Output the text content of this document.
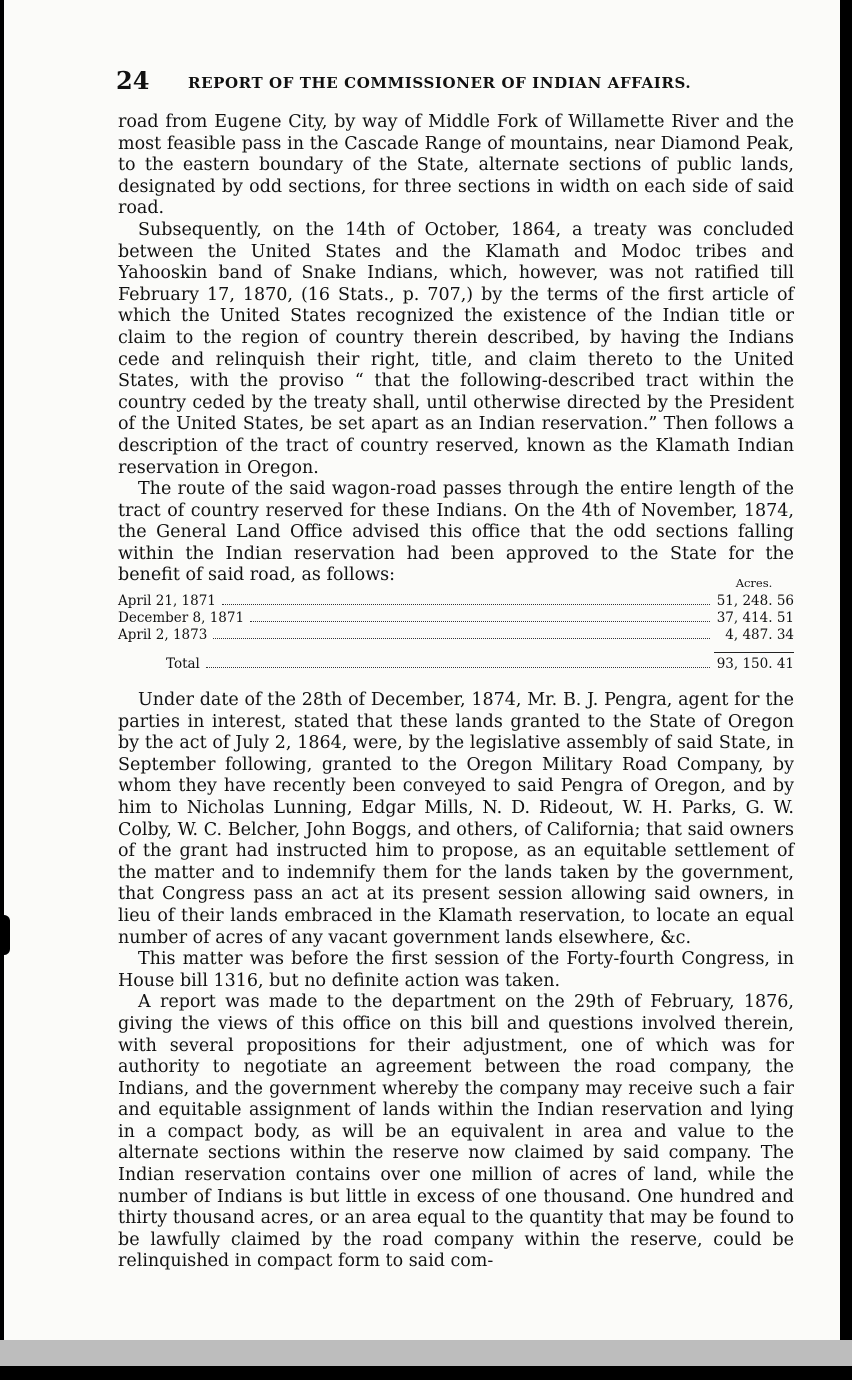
24	REPORT OF THE COMMISSIONER OF INDIAN AFFAIRS.

road from Eugene City, by way of Middle Fork of Willamette River and the most feasible pass in the Cascade Range of mountains, near Diamond Peak, to the eastern boundary of the State, alternate sections of public lands, designated by odd sections, for three sections in width on each side of said road.

Subsequently, on the 14th of October, 1864, a treaty was concluded between the United States and the Klamath and Modoc tribes and Yahooskin band of Snake Indians, which, however, was not ratified till February 17, 1870, (16 Stats., p. 707,) by the terms of the first article of which the United States recognized the existence of the Indian title or claim to the region of country therein described, by having the Indians cede and relinquish their right, title, and claim thereto to the United States, with the proviso “ that the following-described tract within the country ceded by the treaty shall, until otherwise directed by the President of the United States, be set apart as an Indian reservation.” Then follows a description of the tract of country reserved, known as the Klamath Indian reservation in Oregon.

The route of the said wagon-road passes through the entire length of the tract of country reserved for these Indians. On the 4th of November, 1874, the General Land Office advised this office that the odd sections falling within the Indian reservation had been approved to the State for the benefit of said road, as follows:	Acres.
April 21, 1871	51, 248. 56
December 8, 1871	37, 414. 51
April 2, 1873	4, 487. 34
Total	93, 150. 41

Under date of the 28th of December, 1874, Mr. B. J. Pengra, agent for the parties in interest, stated that these lands granted to the State of Oregon by the act of July 2, 1864, were, by the legislative assembly of said State, in September following, granted to the Oregon Military Road Company, by whom they have recently been conveyed to said Pengra of Oregon, and by him to Nicholas Lunning, Edgar Mills, N. D. Rideout, W. H. Parks, G. W. Colby, W. C. Belcher, John Boggs, and others, of California; that said owners of the grant had instructed him to propose, as an equitable settlement of the matter and to indemnify them for the lands taken by the government, that Congress pass an act at its present session allowing said owners, in lieu of their lands embraced in the Klamath reservation, to locate an equal number of acres of any vacant government lands elsewhere, &c.

This matter was before the first session of the Forty-fourth Congress, in House bill 1316, but no definite action was taken.

A report was made to the department on the 29th of February, 1876, giving the views of this office on this bill and questions involved therein, with several propositions for their adjustment, one of which was for authority to negotiate an agreement between the road company, the Indians, and the government whereby the company may receive such a fair and equitable assignment of lands within the Indian reservation and lying in a compact body, as will be an equivalent in area and value to the alternate sections within the reserve now claimed by said company. The Indian reservation contains over one million of acres of land, while the number of Indians is but little in excess of one thousand. One hundred and thirty thousand acres, or an area equal to the quantity that may be found to be lawfully claimed by the road company within the reserve, could be relinquished in compact form to said com-
